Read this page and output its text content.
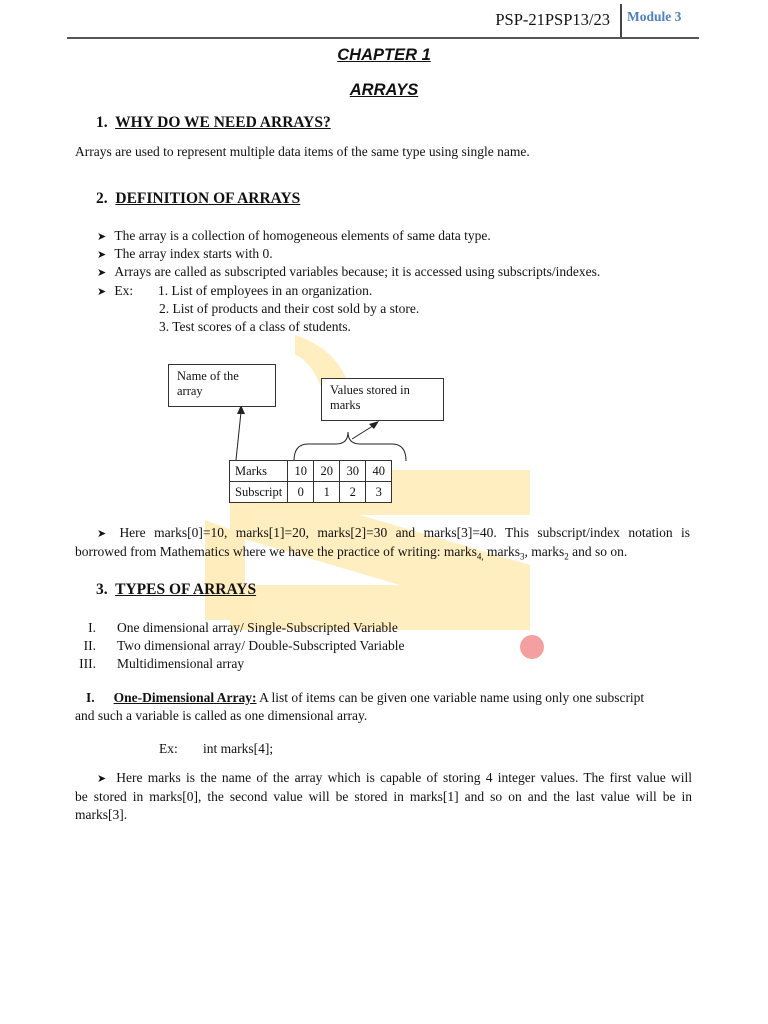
PSP-21PSP13/23 Module 3
CHAPTER 1
ARRAYS
1. WHY DO WE NEED ARRAYS?
Arrays are used to represent multiple data items of the same type using single name.
2. DEFINITION OF ARRAYS
➤ The array is a collection of homogeneous elements of same data type.
➤ The array index starts with 0.
➤ Arrays are called as subscripted variables because; it is accessed using subscripts/indexes.
➤ Ex: 1. List of employees in an organization.
2. List of products and their cost sold by a store.
3. Test scores of a class of students.
Name of the array	Values stored in marks
Marks	10	20	30	40
Subscript	0	1	2	3
➤ Here marks[0]=10, marks[1]=20, marks[2]=30 and marks[3]=40. This subscript/index notation is
borrowed from Mathematics where we have the practice of writing: marks$_{4,}$ marks$_3$, marks$_2$ and so on.
3. TYPES OF ARRAYS
I. One dimensional array/ Single-Subscripted Variable
II. Two dimensional array/ Double-Subscripted Variable
III. Multidimensional array
I. One-Dimensional Array: A list of items can be given one variable name using only one subscript
and such a variable is called as one dimensional array.
Ex: int marks[4];
➤ Here marks is the name of the array which is capable of storing 4 integer values. The first value will
be stored in marks[0], the second value will be stored in marks[1] and so on and the last value will be in
marks[3].
